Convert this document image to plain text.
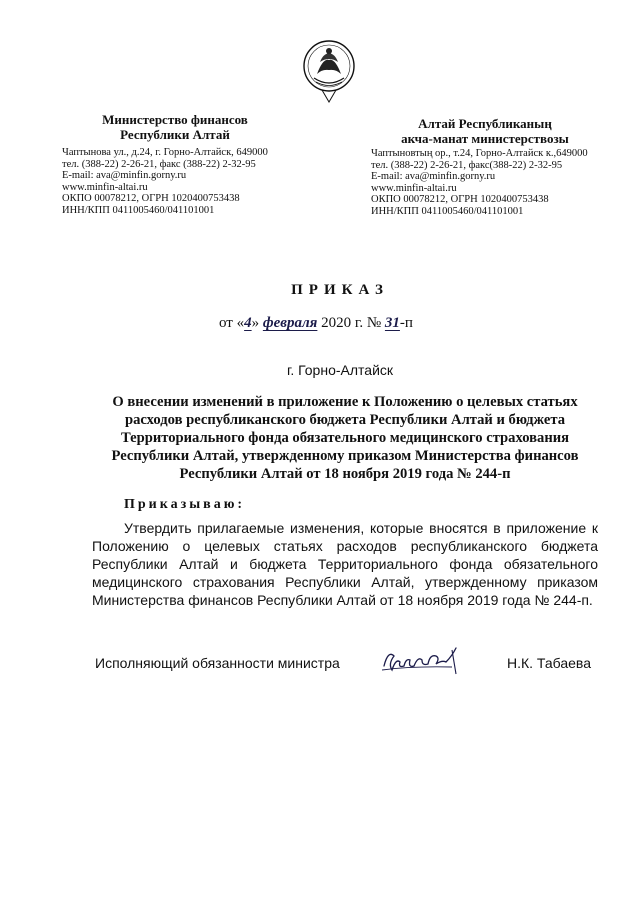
Министерство финансов
Республики Алтай
Чаптынова ул., д.24, г. Горно-Алтайск, 649000
тел. (388-22) 2-26-21, факс (388-22) 2-32-95
E-mail: ava@minfin.gorny.ru
www.minfin-altai.ru
ОКПО 00078212, ОГРН 1020400753438
ИНН/КПП 0411005460/041101001
Алтай Республиканың
акча-манат министерствозы
Чаптыновтың ор., т.24, Горно-Алтайск к.,649000
тел. (388-22) 2-26-21, факс(388-22) 2-32-95
E-mail: ava@minfin.gorny.ru
www.minfin-altai.ru
ОКПО 00078212, ОГРН 1020400753438
ИНН/КПП 0411005460/041101001
ПРИКАЗ
от «4» февраля 2020 г. № 31-п
г. Горно-Алтайск
О внесении изменений в приложение к Положению о целевых статьях расходов республиканского бюджета Республики Алтай и бюджета Территориального фонда обязательного медицинского страхования Республики Алтай, утвержденному приказом Министерства финансов Республики Алтай от 18 ноября 2019 года № 244-п
Приказываю:
Утвердить прилагаемые изменения, которые вносятся в приложение к Положению о целевых статьях расходов республиканского бюджета Республики Алтай и бюджета Территориального фонда обязательного медицинского страхования Республики Алтай, утвержденному приказом Министерства финансов Республики Алтай от 18 ноября 2019 года № 244-п.
Исполняющий обязанности министра	Н.К. Табаева
